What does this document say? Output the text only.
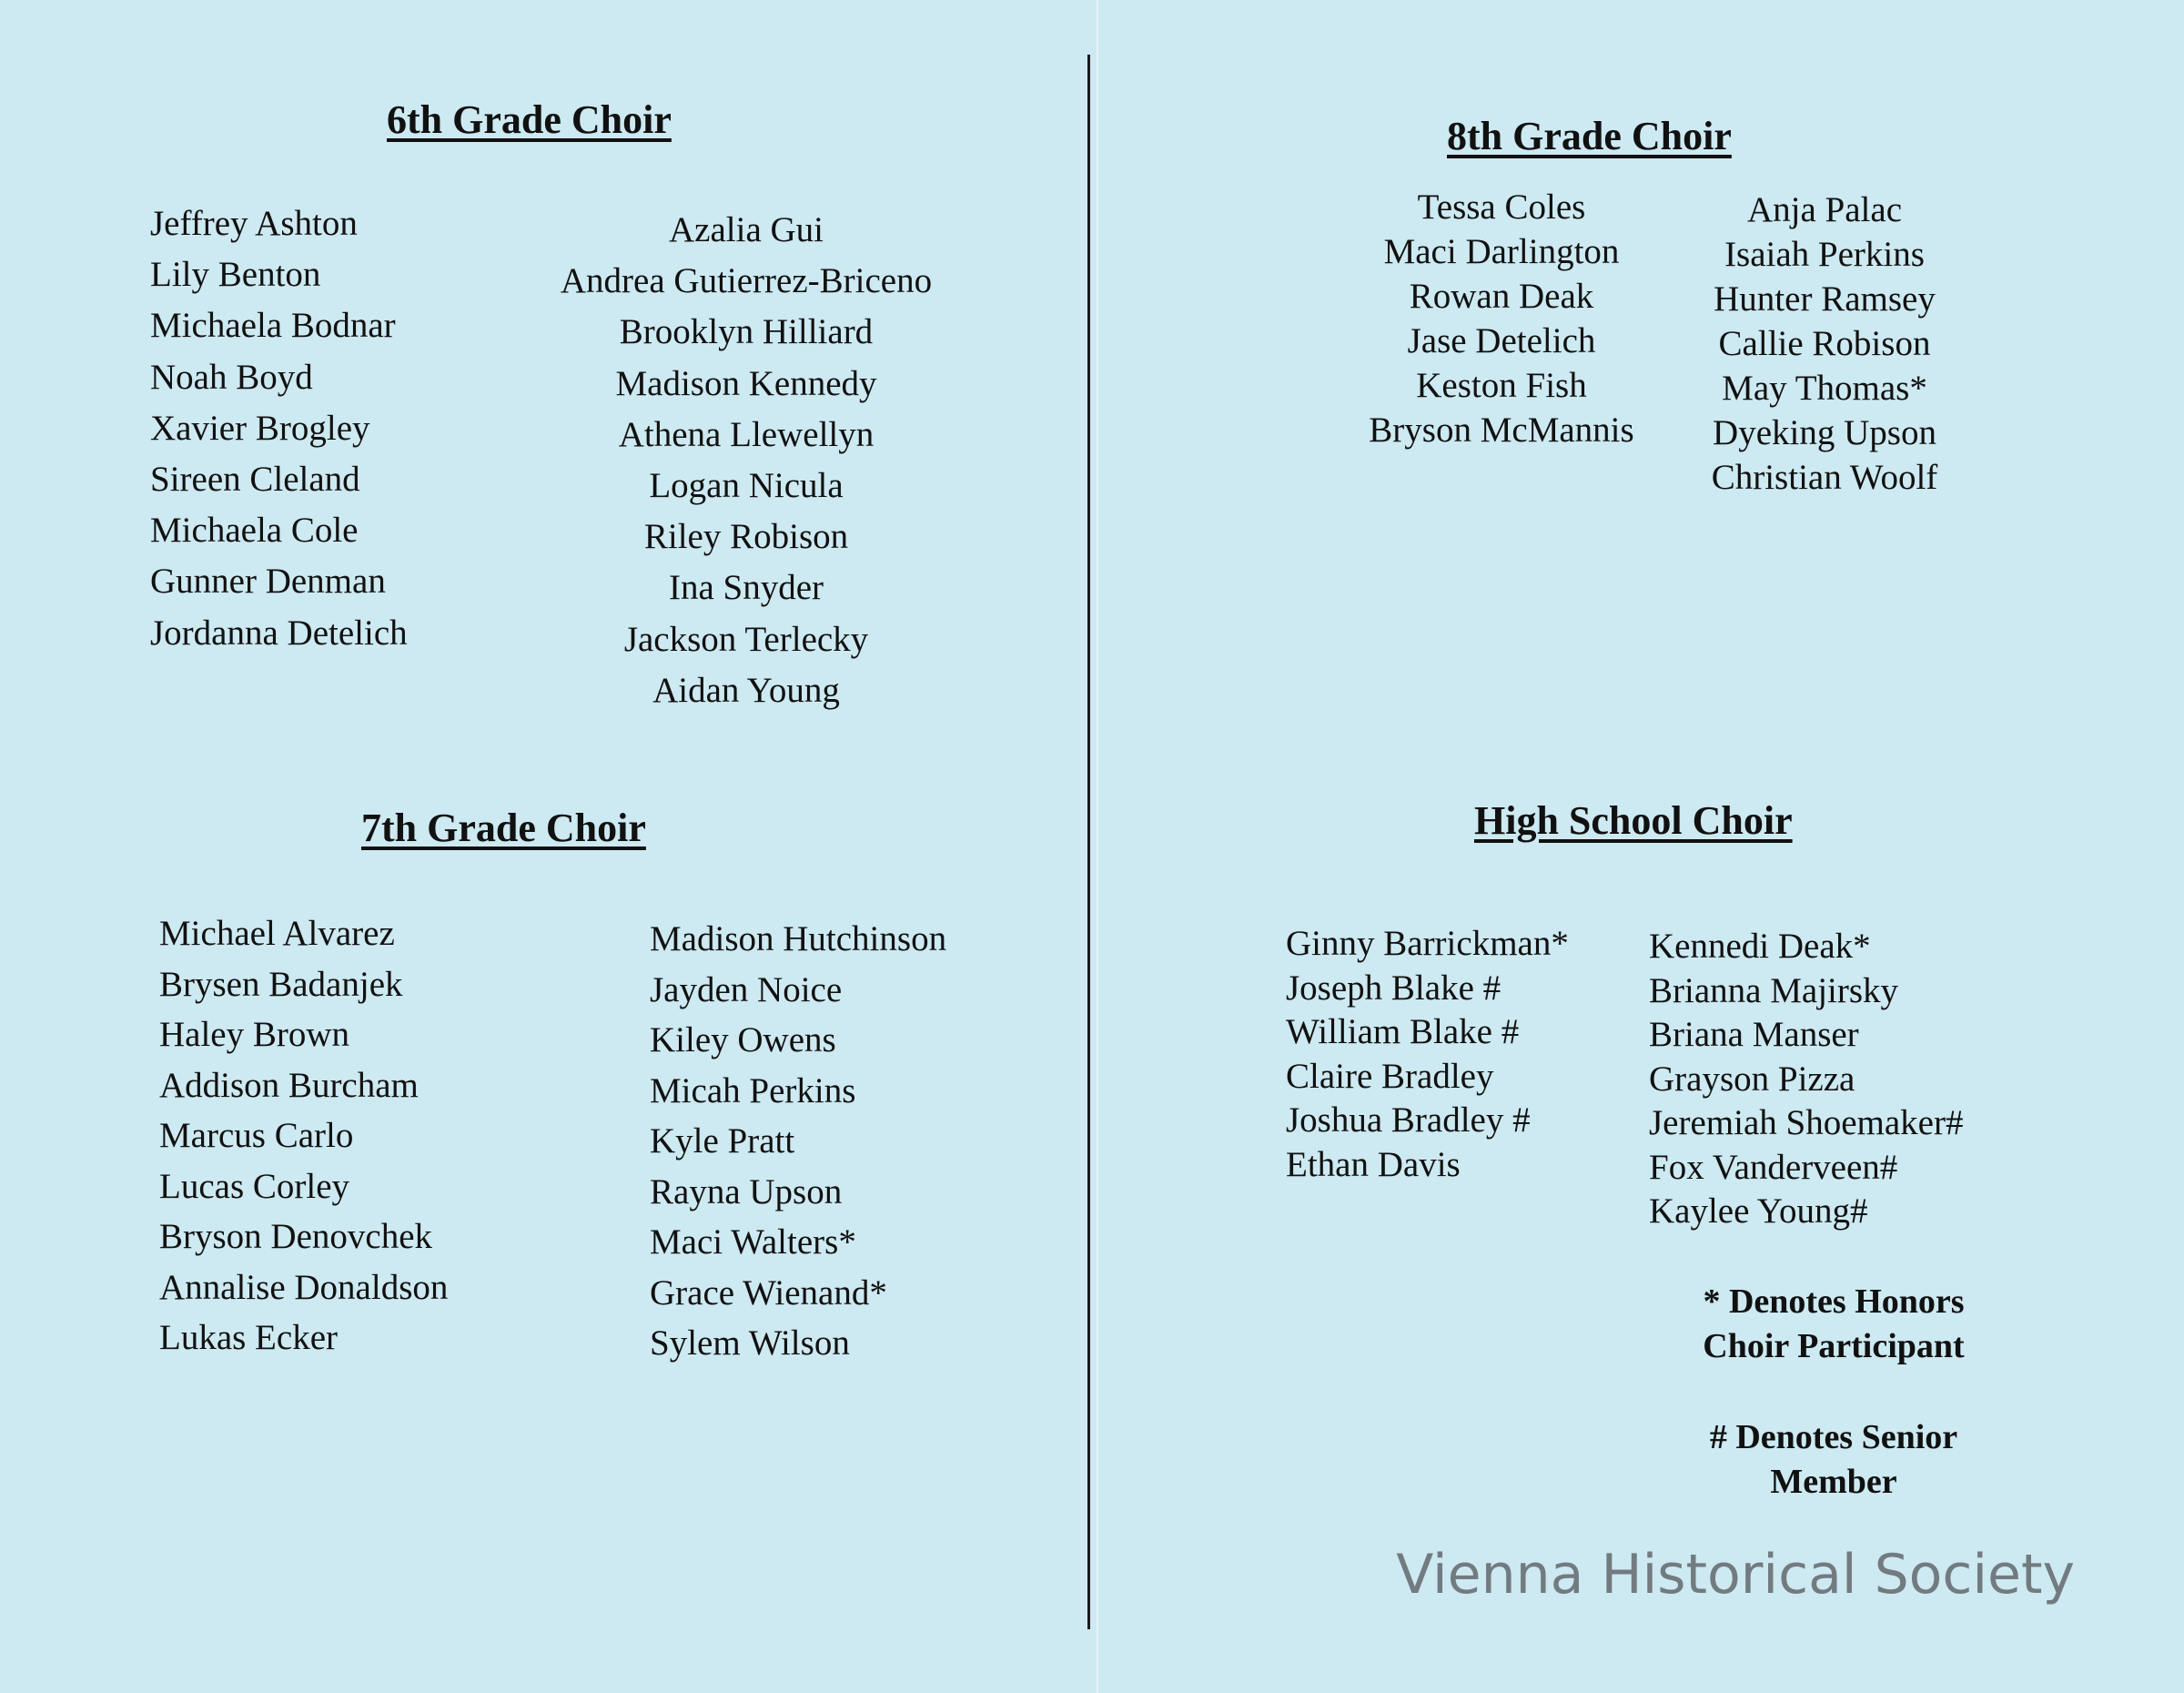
6th Grade Choir
Jeffrey Ashton
Lily Benton
Michaela Bodnar
Noah Boyd
Xavier Brogley
Sireen Cleland
Michaela Cole
Gunner Denman
Jordanna Detelich
Azalia Gui
Andrea Gutierrez-Briceno
Brooklyn Hilliard
Madison Kennedy
Athena Llewellyn
Logan Nicula
Riley Robison
Ina Snyder
Jackson Terlecky
Aidan Young
7th Grade Choir
Michael Alvarez
Brysen Badanjek
Haley Brown
Addison Burcham
Marcus Carlo
Lucas Corley
Bryson Denovchek
Annalise Donaldson
Lukas Ecker
Madison Hutchinson
Jayden Noice
Kiley Owens
Micah Perkins
Kyle Pratt
Rayna Upson
Maci Walters*
Grace Wienand*
Sylem Wilson
8th Grade Choir
Tessa Coles
Maci Darlington
Rowan Deak
Jase Detelich
Keston Fish
Bryson McMannis
Anja Palac
Isaiah Perkins
Hunter Ramsey
Callie Robison
May Thomas*
Dyeking Upson
Christian Woolf
High School Choir
Ginny Barrickman*
Joseph Blake #
William Blake #
Claire Bradley
Joshua Bradley #
Ethan Davis
Kennedi Deak*
Brianna Majirsky
Briana Manser
Grayson Pizza
Jeremiah Shoemaker#
Fox Vanderveen#
Kaylee Young#
* Denotes Honors
Choir Participant
# Denotes Senior
Member
Vienna Historical Society
